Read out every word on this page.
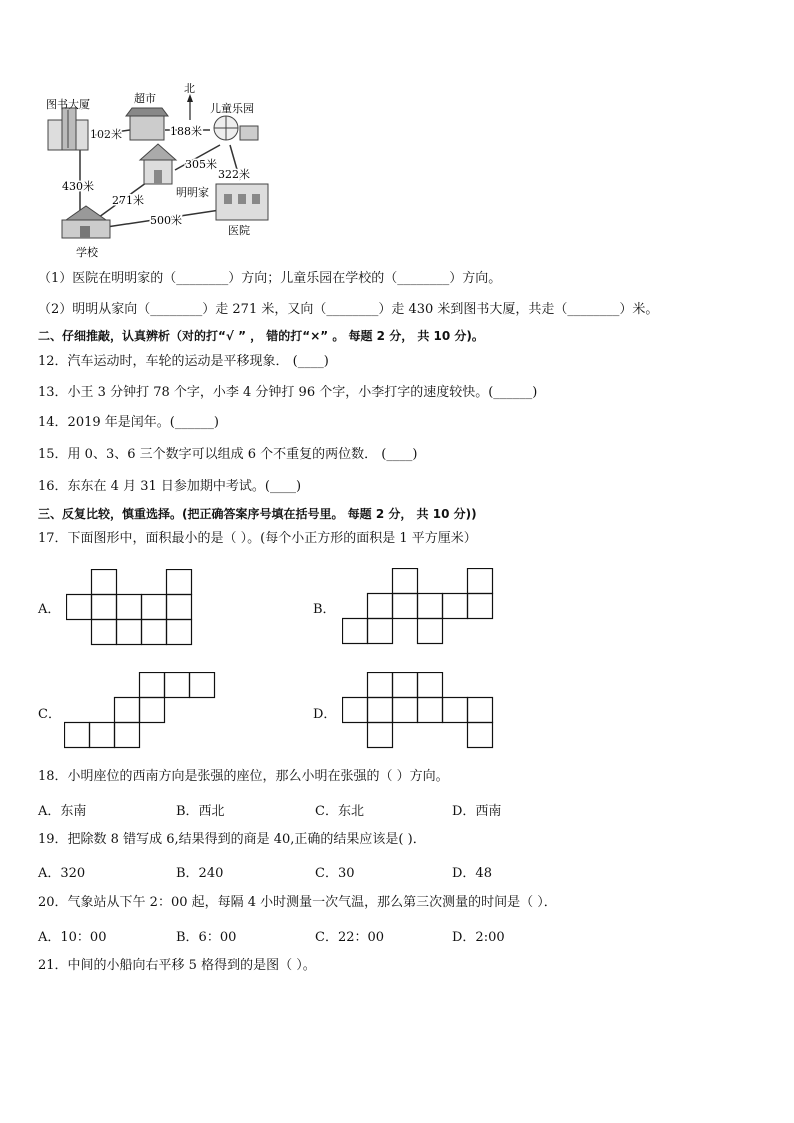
北
图书大厦	超市
儿童乐园
明明家
学校
医院
102米	188米
305米
322米
430米
271米
500米
（1）医院在明明家的（________）方向；儿童乐园在学校的（________）方向。
（2）明明从家向（________）走 271 米，又向（________）走 430 米到图书大厦，共走（________）米。
二、仔细推敲，认真辨析（对的打“√ ” ， 错的打“×” 。 每题 2 分， 共 10 分)。
12．汽车运动时，车轮的运动是平移现象． (____)
13．小王 3 分钟打 78 个字，小李 4 分钟打 96 个字，小李打字的速度较快。(______)
14．2019 年是闰年。(______)
15．用 0、3、6 三个数字可以组成 6 个不重复的两位数． (____)
16．东东在 4 月 31 日参加期中考试。(____)
三、反复比较，慎重选择。(把正确答案序号填在括号里。 每题 2 分， 共 10 分))
17．下面图形中，面积最小的是（ ）。(每个小正方形的面积是 1 平方厘米）
A．	B．
C．	D．
18．小明座位的西南方向是张强的座位，那么小明在张强的（ ）方向。
A．东南	B．西北	C．东北	D．西南
19．把除数 8 错写成 6,结果得到的商是 40,正确的结果应该是( )．
A．320	B．240	C．30	D．48
20．气象站从下午 2：00 起，每隔 4 小时测量一次气温，那么第三次测量的时间是（ ）．
A．10：00	B．6：00	C．22：00	D．2:00
21．中间的小船向右平移 5 格得到的是图（ ）。
